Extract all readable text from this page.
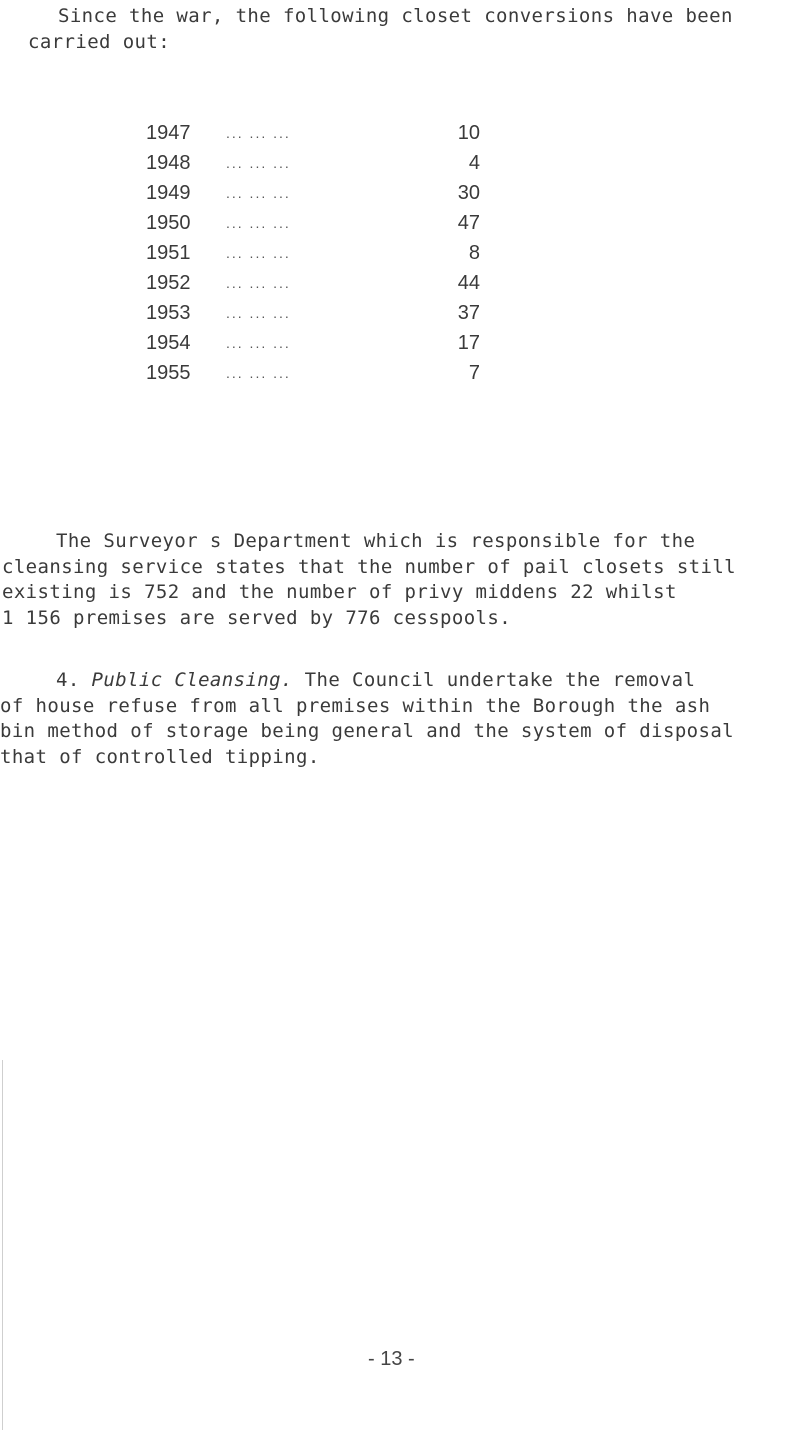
Since the war, the following closet conversions have been
carried out:
1947	... ... ...	10
1948	... ... ...	4
1949	... ... ...	30
1950	... ... ...	47
1951	... ... ...	8
1952	... ... ...	44
1953	... ... ...	37
1954	... ... ...	17
1955	... ... ...	7
The Surveyor s Department which is responsible for the
cleansing service states that the number of pail closets still
existing is 752 and the number of privy middens 22 whilst
1 156 premises are served by 776 cesspools.
4. Public Cleansing. The Council undertake the removal
of house refuse from all premises within the Borough the ash
bin method of storage being general and the system of disposal
that of controlled tipping.
- 13 -
